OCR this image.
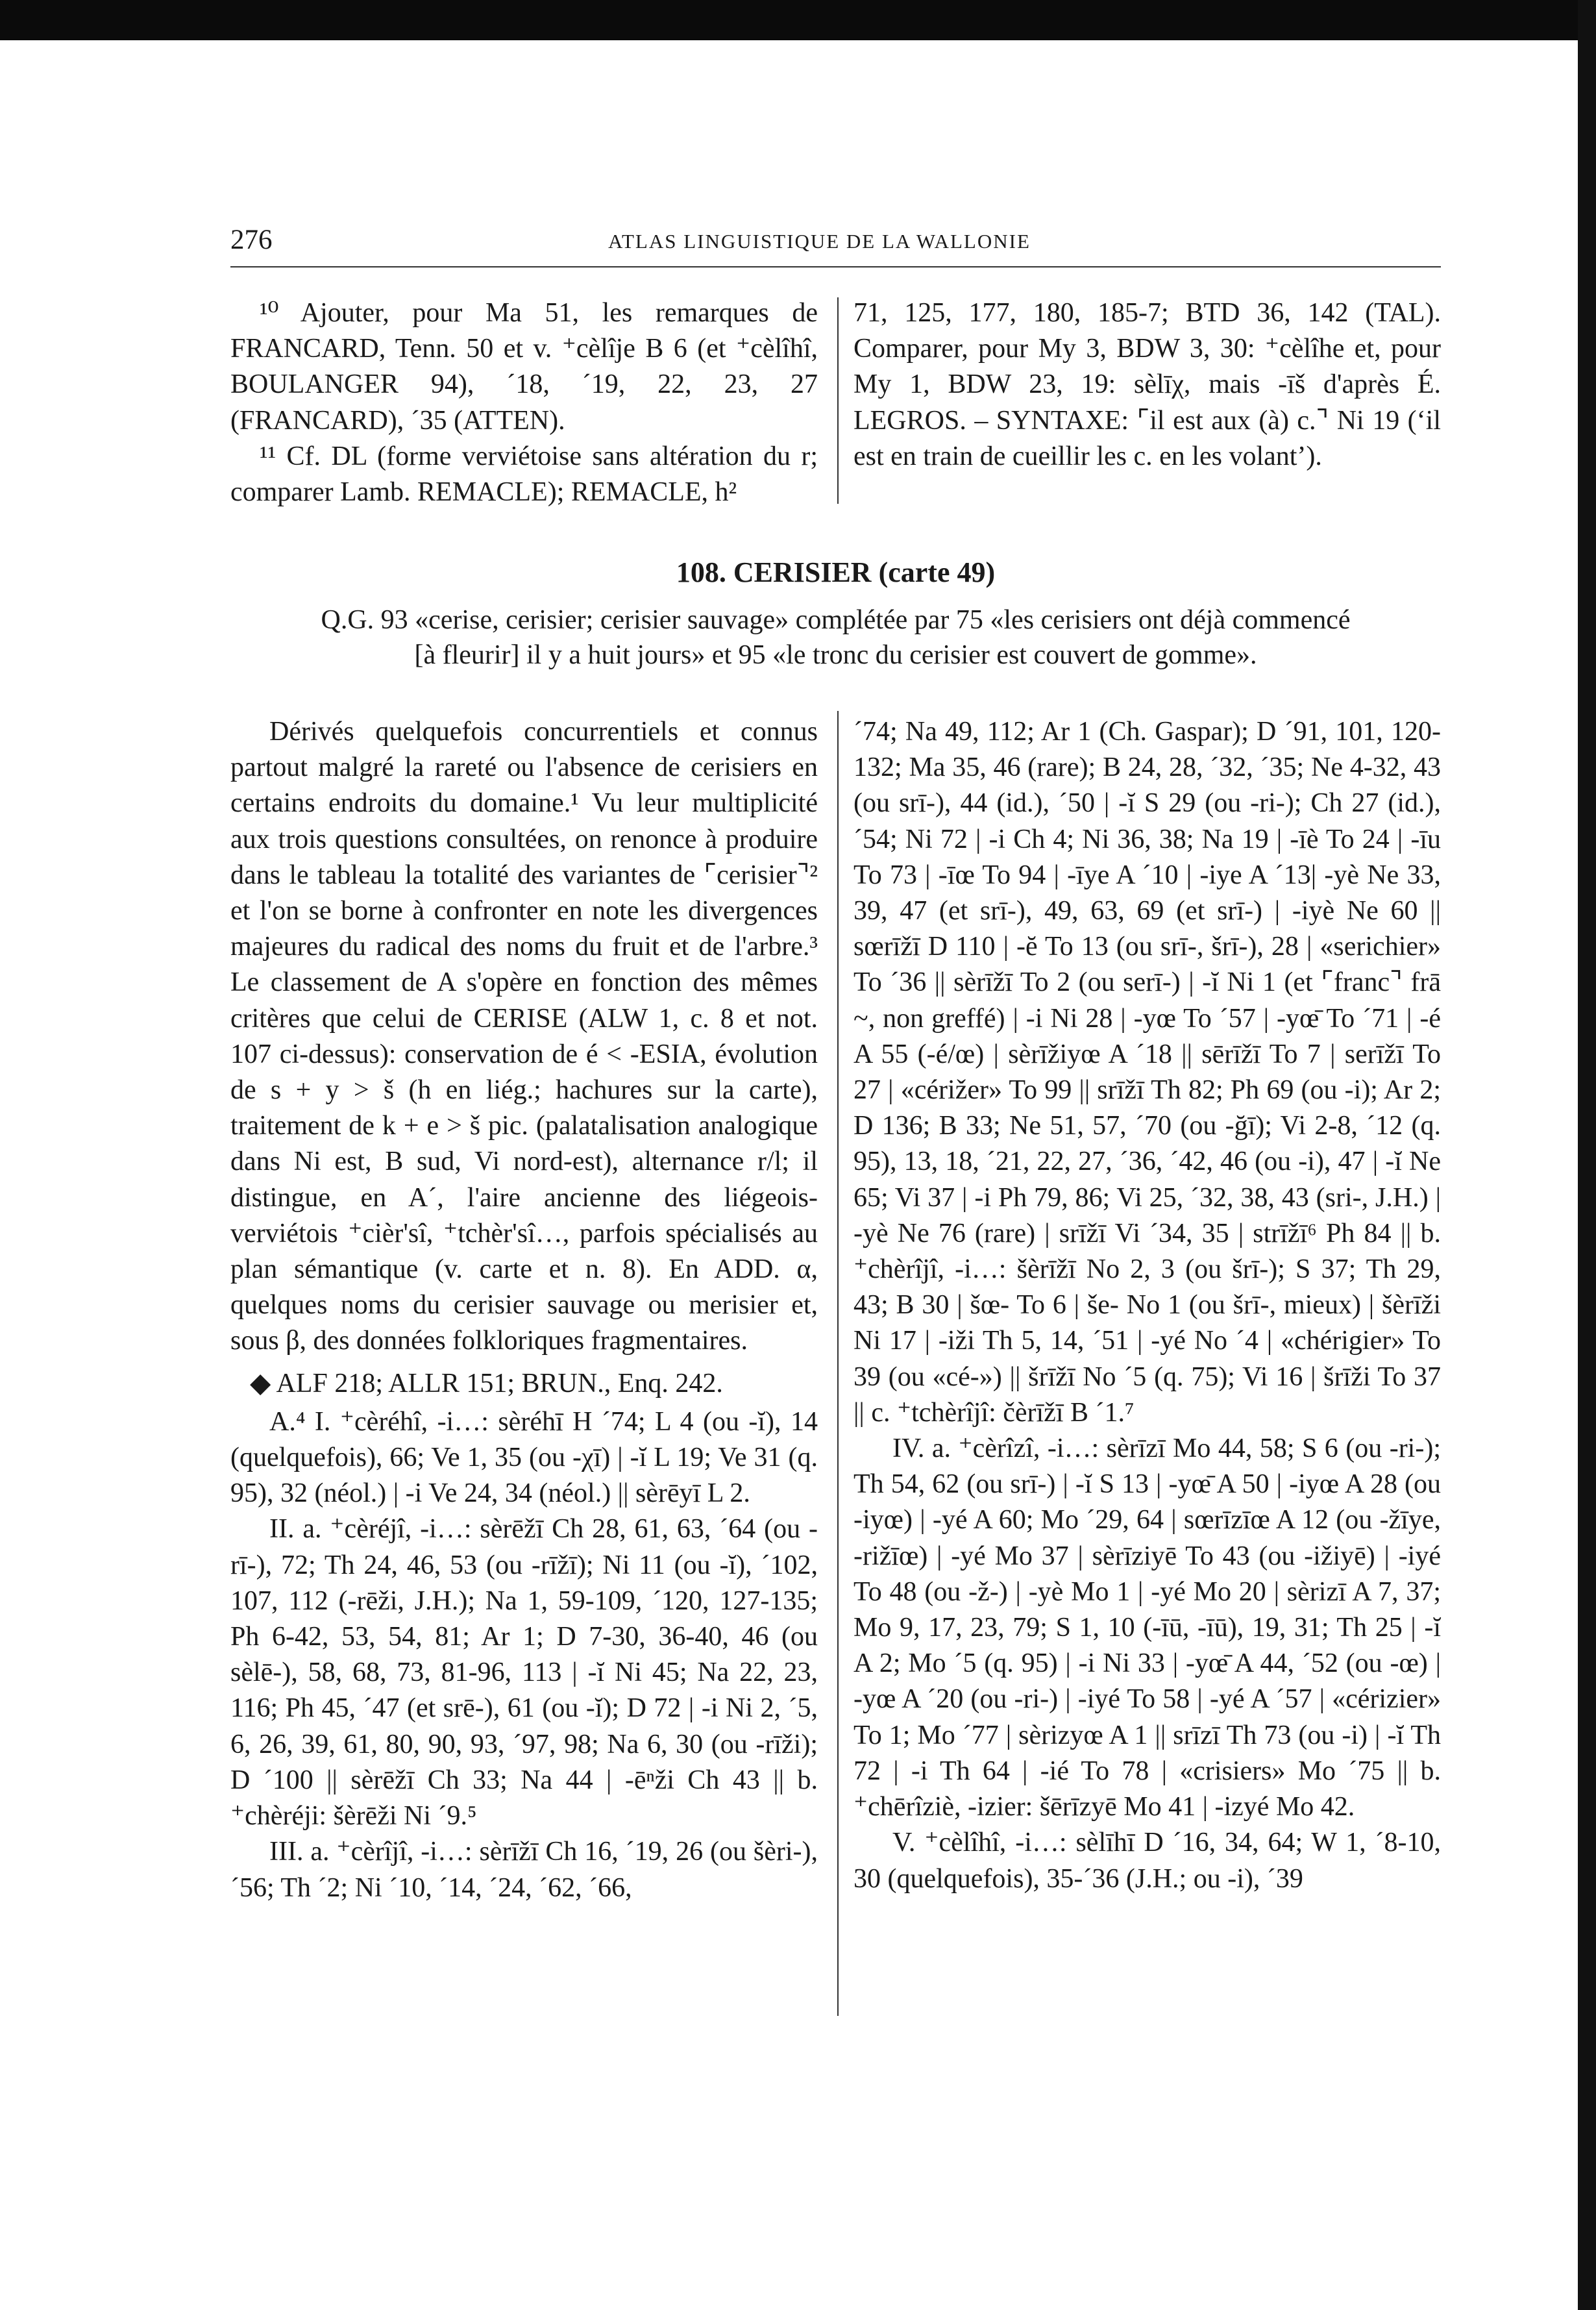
276	ATLAS LINGUISTIQUE DE LA WALLONIE

¹⁰ Ajouter, pour Ma 51, les remarques de FRANCARD, Tenn. 50 et v. ⁺cèlîje B 6 (et ⁺cèlîhî, BOULANGER 94), ´18, ´19, 22, 23, 27 (FRANCARD), ´35 (ATTEN).

¹¹ Cf. DL (forme verviétoise sans altération du r; comparer Lamb. REMACLE); REMACLE, h²

71, 125, 177, 180, 185-7; BTD 36, 142 (TAL). Comparer, pour My 3, BDW 3, 30: ⁺cèlîhe et, pour My 1, BDW 23, 19: sèlīχ, mais -īš d'après É. LEGROS. – SYNTAXE: ⌜il est aux (à) c.⌝ Ni 19 (‘il est en train de cueillir les c. en les volant’).

108. CERISIER (carte 49)
Q.G. 93 «cerise, cerisier; cerisier sauvage» complétée par 75 «les cerisiers ont déjà commencé
[à fleurir] il y a huit jours» et 95 «le tronc du cerisier est couvert de gomme».

Dérivés quelquefois concurrentiels et connus partout malgré la rareté ou l'absence de cerisiers en certains endroits du domaine.¹ Vu leur multiplicité aux trois questions consultées, on renonce à produire dans le tableau la totalité des variantes de ⌜cerisier⌝² et l'on se borne à confronter en note les divergences majeures du radical des noms du fruit et de l'arbre.³ Le classement de A s'opère en fonction des mêmes critères que celui de CERISE (ALW 1, c. 8 et not. 107 ci-dessus): conservation de é < -ESIA, évolution de s + y > š (h en liég.; hachures sur la carte), traitement de k + e > š pic. (palatalisation analogique dans Ni est, B sud, Vi nord-est), alternance r/l; il distingue, en A´, l'aire ancienne des liégeois-verviétois ⁺cièr'sî, ⁺tchèr'sî…, parfois spécialisés au plan sémantique (v. carte et n. 8). En ADD. α, quelques noms du cerisier sauvage ou merisier et, sous β, des données folkloriques fragmentaires.

◆ ALF 218; ALLR 151; BRUN., Enq. 242.

A.⁴ I. ⁺cèréhî, -i…: sèréhī H ´74; L 4 (ou -ĭ), 14 (quelquefois), 66; Ve 1, 35 (ou -χī) | -ĭ L 19; Ve 31 (q. 95), 32 (néol.) | -i Ve 24, 34 (néol.) || sèrēyī L 2.

II. a. ⁺cèréjî, -i…: sèrēžī Ch 28, 61, 63, ´64 (ou -rī-), 72; Th 24, 46, 53 (ou -rīžī); Ni 11 (ou -ĭ), ´102, 107, 112 (-rēži, J.H.); Na 1, 59-109, ´120, 127-135; Ph 6-42, 53, 54, 81; Ar 1; D 7-30, 36-40, 46 (ou sèlē-), 58, 68, 73, 81-96, 113 | -ĭ Ni 45; Na 22, 23, 116; Ph 45, ´47 (et srē-), 61 (ou -ĭ); D 72 | -i Ni 2, ´5, 6, 26, 39, 61, 80, 90, 93, ´97, 98; Na 6, 30 (ou -rīži); D ´100 || sèrēžī Ch 33; Na 44 | -ēⁿži Ch 43 || b. ⁺chèréji: šèrēži Ni ´9.⁵

III. a. ⁺cèrîjî, -i…: sèrīžī Ch 16, ´19, 26 (ou šèri-), ´56; Th ´2; Ni ´10, ´14, ´24, ´62, ´66,

´74; Na 49, 112; Ar 1 (Ch. Gaspar); D ´91, 101, 120-132; Ma 35, 46 (rare); B 24, 28, ´32, ´35; Ne 4-32, 43 (ou srī-), 44 (id.), ´50 | -ĭ S 29 (ou -ri-); Ch 27 (id.), ´54; Ni 72 | -i Ch 4; Ni 36, 38; Na 19 | -īè To 24 | -īu To 73 | -īœ To 94 | -īye A ´10 | -iye A ´13| -yè Ne 33, 39, 47 (et srī-), 49, 63, 69 (et srī-) | -iyè Ne 60 || sœrīžī D 110 | -ĕ To 13 (ou srī-, šrī-), 28 | «serichier» To ´36 || sèrīžī To 2 (ou serī-) | -ĭ Ni 1 (et ⌜franc⌝ frā ~, non greffé) | -i Ni 28 | -yœ To ´57 | -yœ̄ To ´71 | -é A 55 (-é/œ) | sèrīžiyœ A ´18 || sērīžī To 7 | serīžī To 27 | «cérižer» To 99 || srīžī Th 82; Ph 69 (ou -i); Ar 2; D 136; B 33; Ne 51, 57, ´70 (ou -ğī); Vi 2-8, ´12 (q. 95), 13, 18, ´21, 22, 27, ´36, ´42, 46 (ou -i), 47 | -ĭ Ne 65; Vi 37 | -i Ph 79, 86; Vi 25, ´32, 38, 43 (sri-, J.H.) | -yè Ne 76 (rare) | srīžī Vi ´34, 35 | strīžī⁶ Ph 84 || b. ⁺chèrîjî, -i…: šèrīžī No 2, 3 (ou šrī-); S 37; Th 29, 43; B 30 | šœ- To 6 | še- No 1 (ou šrī-, mieux) | šèrīži Ni 17 | -iži Th 5, 14, ´51 | -yé No ´4 | «chérigier» To 39 (ou «cé-») || šrīžī No ´5 (q. 75); Vi 16 | šrīži To 37 || c. ⁺tchèrîjî: čèrīžī B ´1.⁷

IV. a. ⁺cèrîzî, -i…: sèrīzī Mo 44, 58; S 6 (ou -ri-); Th 54, 62 (ou srī-) | -ĭ S 13 | -yœ̄ A 50 | -iyœ A 28 (ou -iyœ) | -yé A 60; Mo ´29, 64 | sœrīzīœ A 12 (ou -žīye, -rižīœ) | -yé Mo 37 | sèrīziyē To 43 (ou -ižiyē) | -iyé To 48 (ou -ž-) | -yè Mo 1 | -yé Mo 20 | sèrizī A 7, 37; Mo 9, 17, 23, 79; S 1, 10 (-īū, -īū), 19, 31; Th 25 | -ĭ A 2; Mo ´5 (q. 95) | -i Ni 33 | -yœ̄ A 44, ´52 (ou -œ) | -yœ A ´20 (ou -ri-) | -iyé To 58 | -yé A ´57 | «cérizier» To 1; Mo ´77 | sèrizyœ A 1 || srīzī Th 73 (ou -i) | -ĭ Th 72 | -i Th 64 | -ié To 78 | «crisiers» Mo ´75 || b. ⁺chērîziè, -izier: šērīzyē Mo 41 | -izyé Mo 42.

V. ⁺cèlîhî, -i…: sèlīhī D ´16, 34, 64; W 1, ´8-10, 30 (quelquefois), 35-´36 (J.H.; ou -i), ´39
